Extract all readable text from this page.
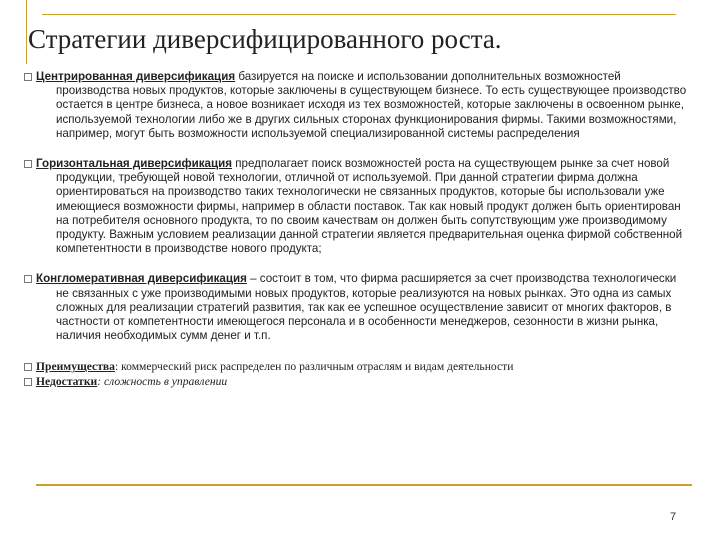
Стратегии диверсифицированного роста.
Центрированная диверсификация базируется на поиске и использовании дополнительных возможностей производства новых продуктов, которые заключены в существующем бизнесе. То есть существующее производство остается в центре бизнеса, а новое возникает исходя из тех возможностей, которые заключены в освоенном рынке, используемой технологии либо же в других сильных сторонах функционирования фирмы. Такими возможностями, например, могут быть возможности используемой специализированной системы распределения
Горизонтальная диверсификация предполагает поиск возможностей роста на существующем рынке за счет новой продукции, требующей новой технологии, отличной от используемой. При данной стратегии фирма должна ориентироваться на производство таких технологически не связанных продуктов, которые бы использовали уже имеющиеся возможности фирмы, например в области поставок. Так как новый продукт должен быть ориентирован на потребителя основного продукта, то по своим качествам он должен быть сопутствующим уже производимому продукту. Важным условием реализации данной стратегии является предварительная оценка фирмой собственной компетентности в производстве нового продукта;
Конгломеративная диверсификация – состоит в том, что фирма расширяется за счет производства технологически не связанных с уже производимыми новых продуктов, которые реализуются на новых рынках. Это одна из самых сложных для реализации стратегий развития, так как ее успешное осуществление зависит от многих факторов, в частности от компетентности имеющегося персонала и в особенности менеджеров, сезонности в жизни рынка, наличия необходимых сумм денег и т.п.
Преимущества: коммерческий риск распределен по различным отраслям и видам деятельности
Недостатки: сложность в управлении
7
